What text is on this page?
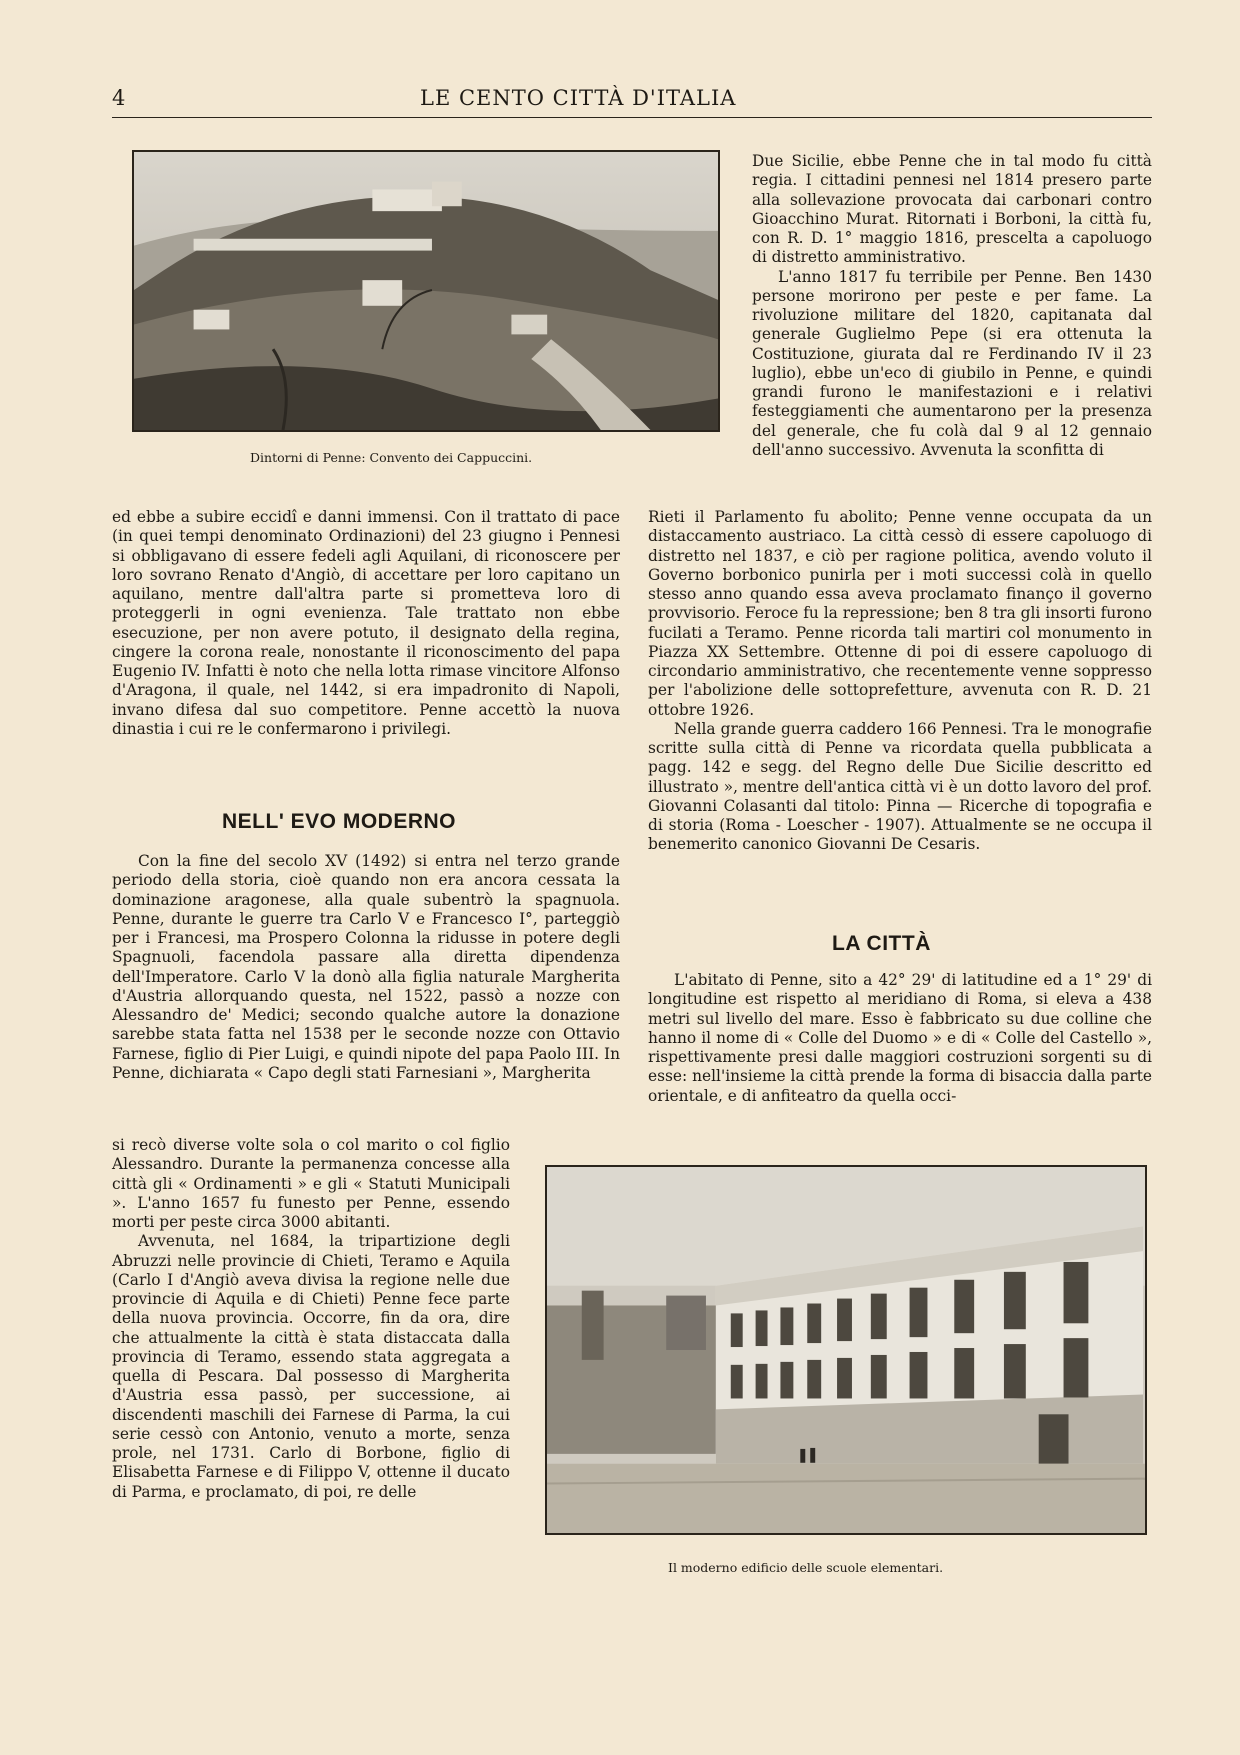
4	LE CENTO CITTÀ D'ITALIA
Dintorni di Penne: Convento dei Cappuccini.

ed ebbe a subire eccidî e danni immensi. Con il trattato di pace (in quei tempi denominato Ordinazioni) del 23 giugno i Pennesi si obbligavano di essere fedeli agli Aquilani, di riconoscere per loro sovrano Renato d'Angiò, di accettare per loro capitano un aquilano, mentre dall'altra parte si prometteva loro di proteggerli in ogni evenienza. Tale trattato non ebbe esecuzione, per non avere potuto, il designato della regina, cingere la corona reale, nonostante il riconoscimento del papa Eugenio IV. Infatti è noto che nella lotta rimase vincitore Alfonso d'Aragona, il quale, nel 1442, si era impadronito di Napoli, invano difesa dal suo competitore. Penne accettò la nuova dinastia i cui re le confermarono i privilegi.

NELL' EVO MODERNO

Con la fine del secolo XV (1492) si entra nel terzo grande periodo della storia, cioè quando non era ancora cessata la dominazione aragonese, alla quale subentrò la spagnuola. Penne, durante le guerre tra Carlo V e Francesco I°, parteggiò per i Francesi, ma Prospero Colonna la ridusse in potere degli Spagnuoli, facendola passare alla diretta dipendenza dell'Imperatore. Carlo V la donò alla figlia naturale Margherita d'Austria allorquando questa, nel 1522, passò a nozze con Alessandro de' Medici; secondo qualche autore la donazione sarebbe stata fatta nel 1538 per le seconde nozze con Ottavio Farnese, figlio di Pier Luigi, e quindi nipote del papa Paolo III. In Penne, dichiarata « Capo degli stati Farnesiani », Margherita

si recò diverse volte sola o col marito o col figlio Alessandro. Durante la permanenza concesse alla città gli « Ordinamenti » e gli « Statuti Municipali ». L'anno 1657 fu funesto per Penne, essendo morti per peste circa 3000 abitanti.

Avvenuta, nel 1684, la tripartizione degli Abruzzi nelle provincie di Chieti, Teramo e Aquila (Carlo I d'Angiò aveva divisa la regione nelle due provincie di Aquila e di Chieti) Penne fece parte della nuova provincia. Occorre, fin da ora, dire che attualmente la città è stata distaccata dalla provincia di Teramo, essendo stata aggregata a quella di Pescara. Dal possesso di Margherita d'Austria essa passò, per successione, ai discendenti maschili dei Farnese di Parma, la cui serie cessò con Antonio, venuto a morte, senza prole, nel 1731. Carlo di Borbone, figlio di Elisabetta Farnese e di Filippo V, ottenne il ducato di Parma, e proclamato, di poi, re delle

Due Sicilie, ebbe Penne che in tal modo fu città regia. I cittadini pennesi nel 1814 presero parte alla sollevazione provocata dai carbonari contro Gioacchino Murat. Ritornati i Borboni, la città fu, con R. D. 1° maggio 1816, prescelta a capoluogo di distretto amministrativo.

L'anno 1817 fu terribile per Penne. Ben 1430 persone morirono per peste e per fame. La rivoluzione militare del 1820, capitanata dal generale Guglielmo Pepe (si era ottenuta la Costituzione, giurata dal re Ferdinando IV il 23 luglio), ebbe un'eco di giubilo in Penne, e quindi grandi furono le manifestazioni e i relativi festeggiamenti che aumentarono per la presenza del generale, che fu colà dal 9 al 12 gennaio dell'anno successivo. Avvenuta la sconfitta di

Rieti il Parlamento fu abolito; Penne venne occupata da un distaccamento austriaco. La città cessò di essere capoluogo di distretto nel 1837, e ciò per ragione politica, avendo voluto il Governo borbonico punirla per i moti successi colà in quello stesso anno quando essa aveva proclamato finanço il governo provvisorio. Feroce fu la repressione; ben 8 tra gli insorti furono fucilati a Teramo. Penne ricorda tali martiri col monumento in Piazza XX Settembre. Ottenne di poi di essere capoluogo di circondario amministrativo, che recentemente venne soppresso per l'abolizione delle sottoprefetture, avvenuta con R. D. 21 ottobre 1926.

Nella grande guerra caddero 166 Pennesi. Tra le monografie scritte sulla città di Penne va ricordata quella pubblicata a pagg. 142 e segg. del Regno delle Due Sicilie descritto ed illustrato », mentre dell'antica città vi è un dotto lavoro del prof. Giovanni Colasanti dal titolo: Pinna — Ricerche di topografia e di storia (Roma - Loescher - 1907). Attualmente se ne occupa il benemerito canonico Giovanni De Cesaris.

LA CITTÀ

L'abitato di Penne, sito a 42° 29' di latitudine ed a 1° 29' di longitudine est rispetto al meridiano di Roma, si eleva a 438 metri sul livello del mare. Esso è fabbricato su due colline che hanno il nome di « Colle del Duomo » e di « Colle del Castello », rispettivamente presi dalle maggiori costruzioni sorgenti su di esse: nell'insieme la città prende la forma di bisaccia dalla parte orientale, e di anfiteatro da quella occi-

Il moderno edificio delle scuole elementari.
